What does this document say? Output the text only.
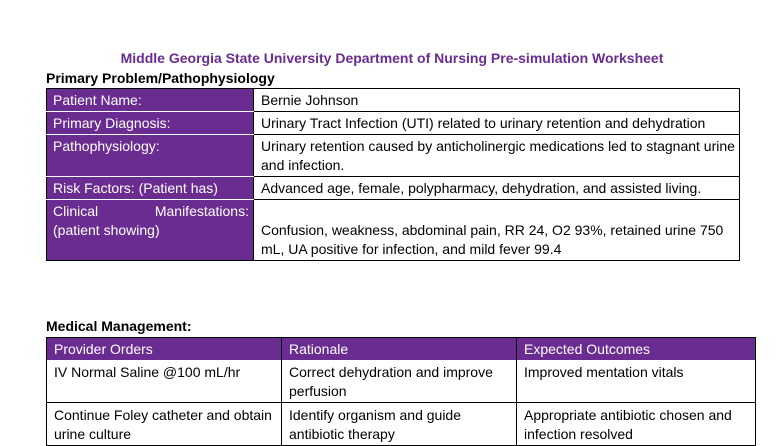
Middle Georgia State University Department of Nursing Pre-simulation Worksheet
Primary Problem/Pathophysiology
Patient Name:	Bernie Johnson
Primary Diagnosis:	Urinary Tract Infection (UTI) related to urinary retention and dehydration
Pathophysiology:	Urinary retention caused by anticholinergic medications led to stagnant urine and infection.
Risk Factors: (Patient has)	Advanced age, female, polypharmacy, dehydration, and assisted living.

Clinical Manifestations:
(patient showing)	Confusion, weakness, abdominal pain, RR 24, O2 93%, retained urine 750 mL, UA positive for infection, and mild fever 99.4
Medical Management:
Provider Orders	Rationale	Expected Outcomes
IV Normal Saline @100 mL/hr	Correct dehydration and improve perfusion	Improved mentation vitals
Continue Foley catheter and obtain urine culture	Identify organism and guide antibiotic therapy	Appropriate antibiotic chosen and infection resolved
